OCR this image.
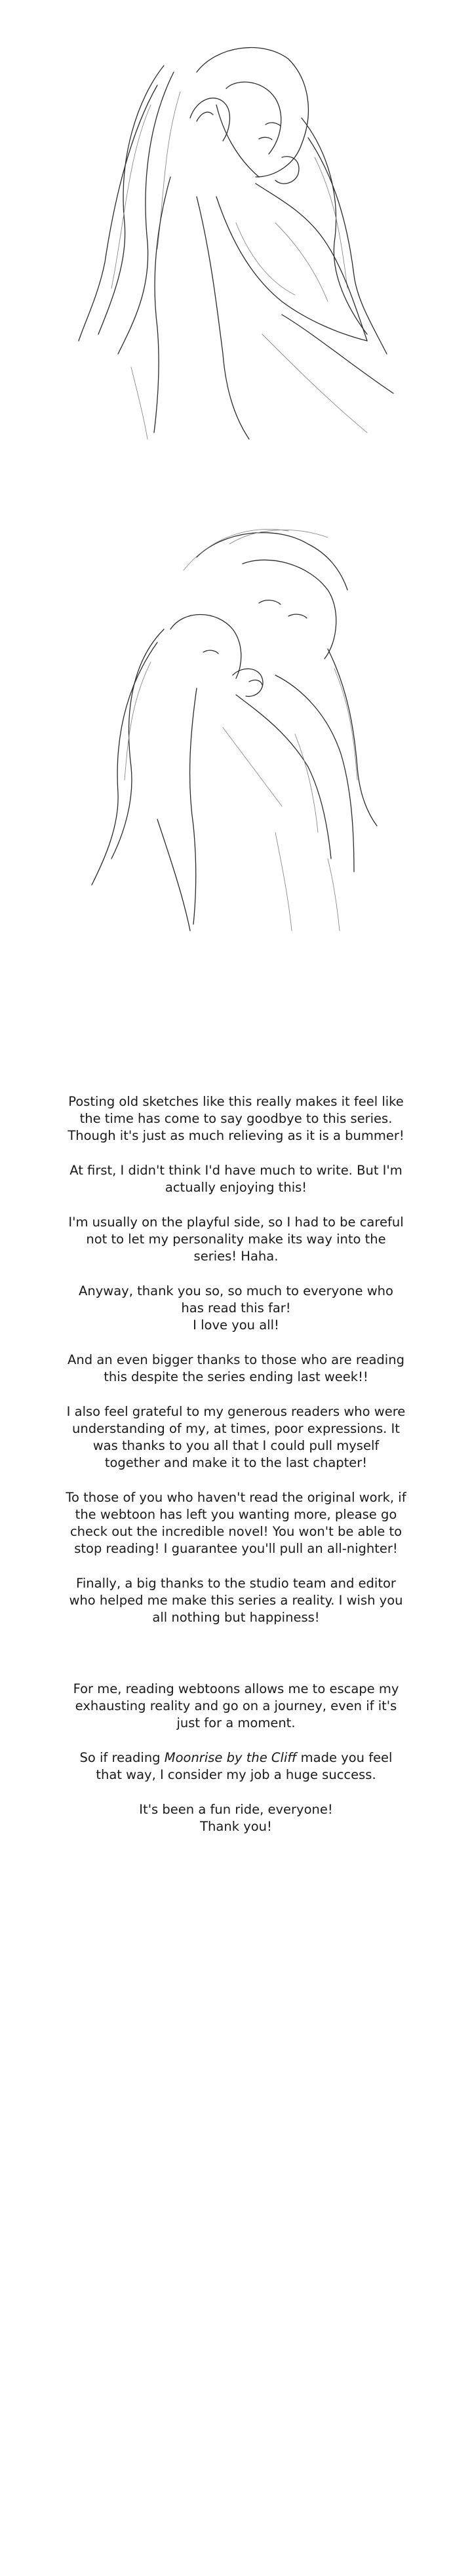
Posting old sketches like this really makes it feel like the time has come to say goodbye to this series. Though it's just as much relieving as it is a bummer!

At first, I didn't think I'd have much to write. But I'm actually enjoying this!

I'm usually on the playful side, so I had to be careful not to let my personality make its way into the series! Haha.

Anyway, thank you so, so much to everyone who has read this far!
I love you all!

And an even bigger thanks to those who are reading this despite the series ending last week!!

I also feel grateful to my generous readers who were understanding of my, at times, poor expressions. It was thanks to you all that I could pull myself together and make it to the last chapter!

To those of you who haven't read the original work, if the webtoon has left you wanting more, please go check out the incredible novel! You won't be able to stop reading! I guarantee you'll pull an all-nighter!

Finally, a big thanks to the studio team and editor who helped me make this series a reality. I wish you all nothing but happiness!

For me, reading webtoons allows me to escape my exhausting reality and go on a journey, even if it's just for a moment.

So if reading Moonrise by the Cliff made you feel that way, I consider my job a huge success.

It's been a fun ride, everyone!
Thank you!
